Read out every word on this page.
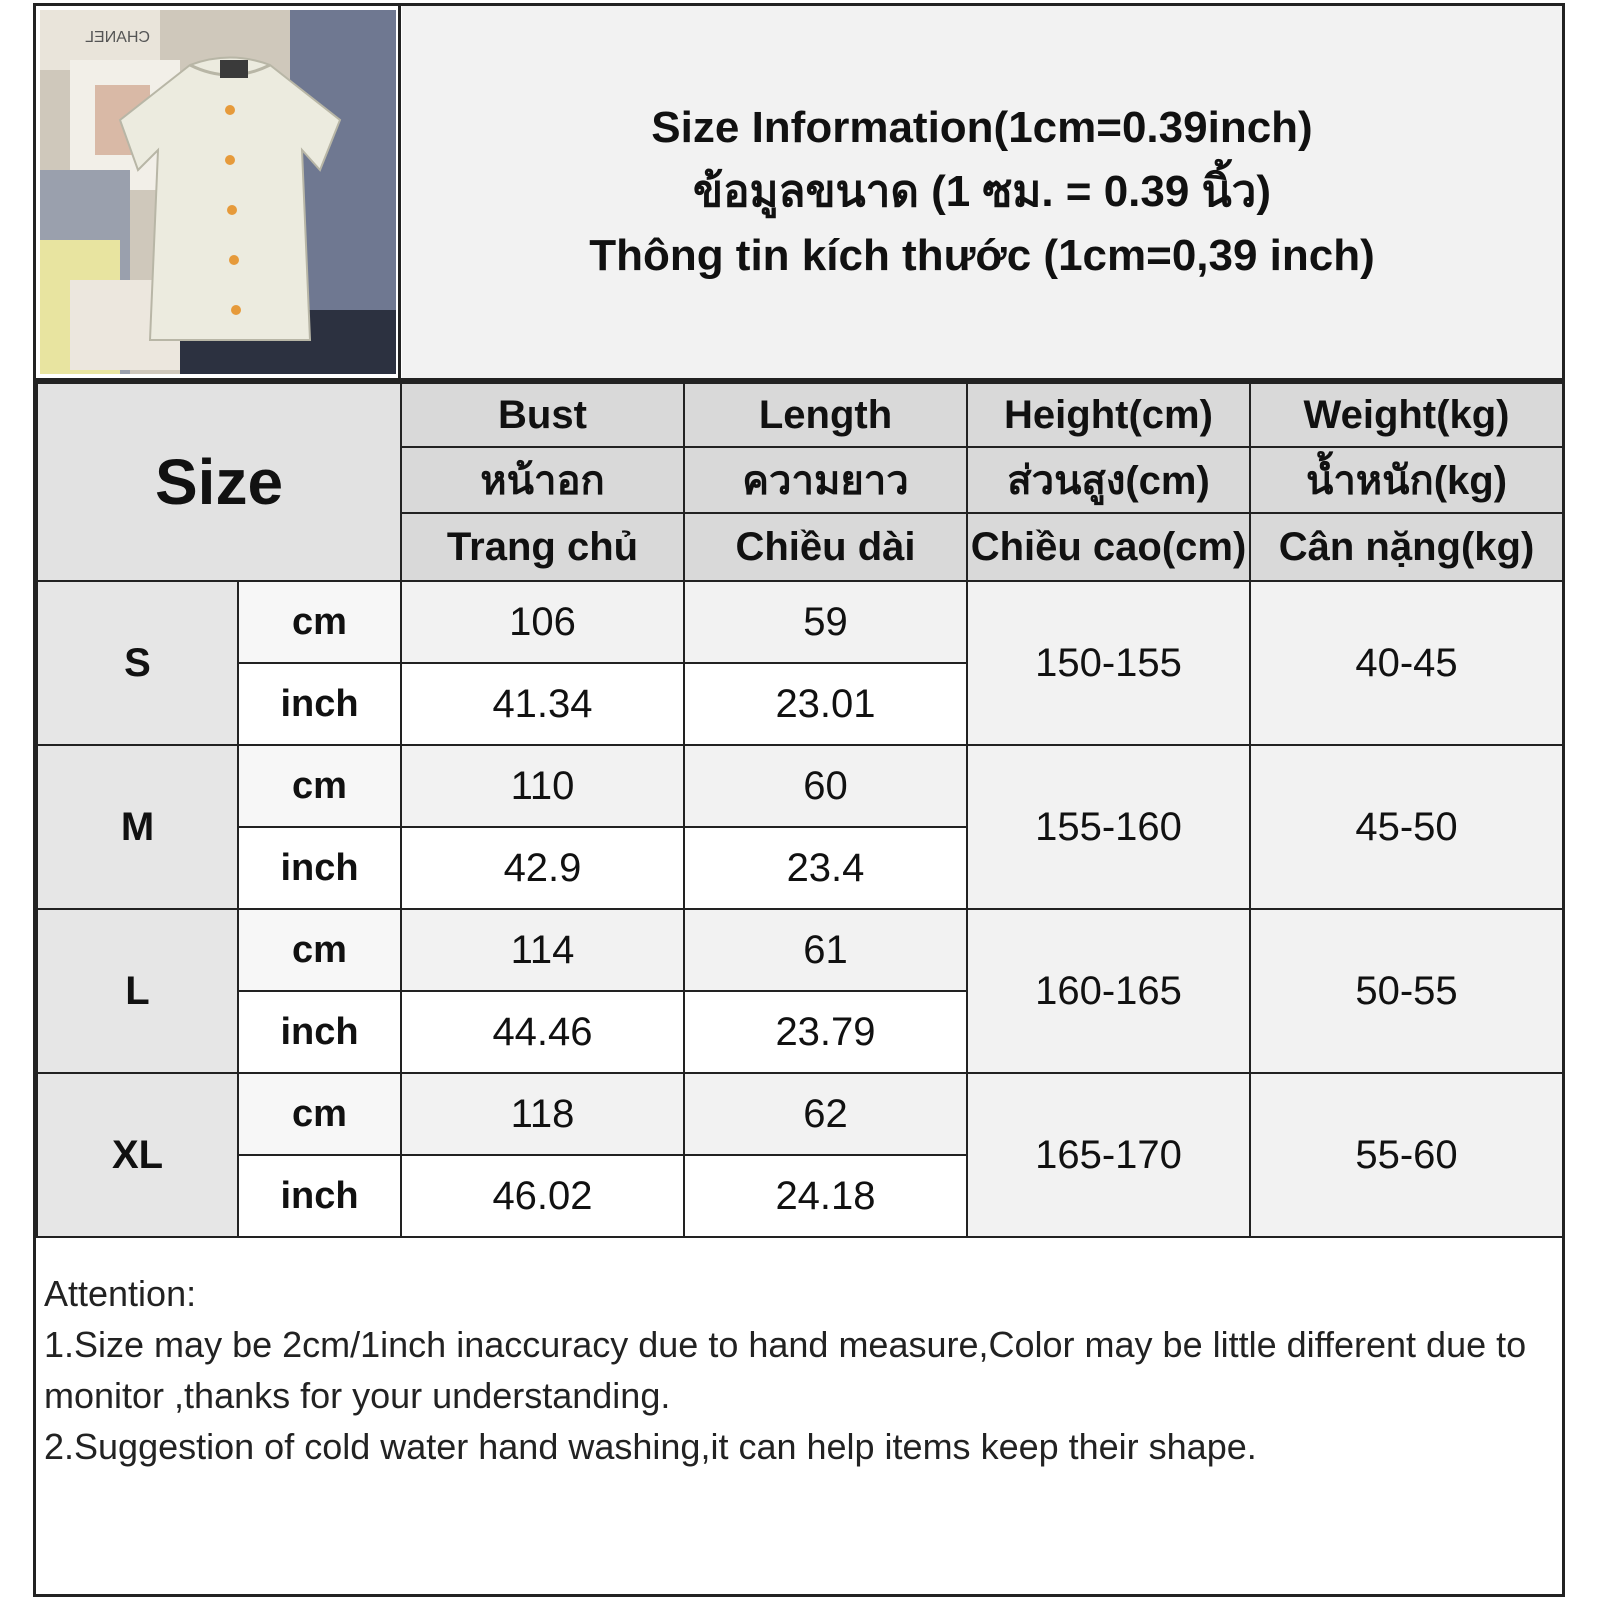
CHANEL
Size Information(1cm=0.39inch)
ข้อมูลขนาด (1 ซม. = 0.39 นิ้ว)
Thông tin kích thước (1cm=0,39 inch)
Size		Bust	Length	Height(cm)	Weight(kg)
		หน้าอก	ความยาว	ส่วนสูง(cm)	น้ำหนัก(kg)
		Trang chủ	Chiều dài	Chiều cao(cm)	Cân nặng(kg)
S	cm	106	59	150-155	40-45
	inch	41.34	23.01		
M	cm	110	60	155-160	45-50
	inch	42.9	23.4		
L	cm	114	61	160-165	50-55
	inch	44.46	23.79		
XL	cm	118	62	165-170	55-60
	inch	46.02	24.18		
Attention:
1.Size may be 2cm/1inch inaccuracy due to hand measure,Color may be little different due to monitor ,thanks for your understanding.
2.Suggestion of cold water hand washing,it can help items keep their shape.
